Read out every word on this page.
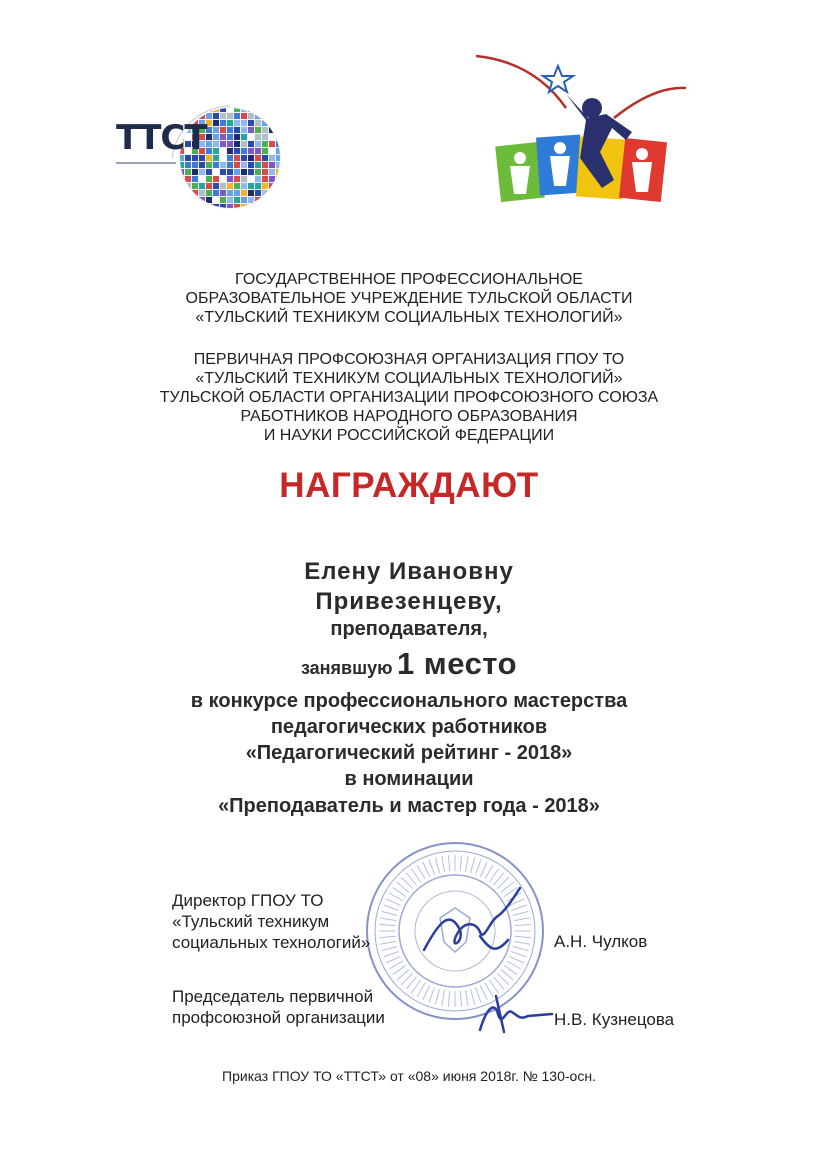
ТТСТ
ГОСУДАРСТВЕННОЕ ПРОФЕССИОНАЛЬНОЕ
ОБРАЗОВАТЕЛЬНОЕ УЧРЕЖДЕНИЕ ТУЛЬСКОЙ ОБЛАСТИ
«ТУЛЬСКИЙ ТЕХНИКУМ СОЦИАЛЬНЫХ ТЕХНОЛОГИЙ»
ПЕРВИЧНАЯ ПРОФСОЮЗНАЯ ОРГАНИЗАЦИЯ ГПОУ ТО
«ТУЛЬСКИЙ ТЕХНИКУМ СОЦИАЛЬНЫХ ТЕХНОЛОГИЙ»
ТУЛЬСКОЙ ОБЛАСТИ ОРГАНИЗАЦИИ ПРОФСОЮЗНОГО СОЮЗА
РАБОТНИКОВ НАРОДНОГО ОБРАЗОВАНИЯ
И НАУКИ РОССИЙСКОЙ ФЕДЕРАЦИИ
НАГРАЖДАЮТ
Елену Ивановну
Привезенцеву,
преподавателя,
занявшую 1 место
в конкурсе профессионального мастерства
педагогических работников
«Педагогический рейтинг - 2018»
в номинации
«Преподаватель и мастер года - 2018»
Директор ГПОУ ТО
«Тульский техникум
социальных технологий»	А.Н. Чулков
Председатель первичной
профсоюзной организации	Н.В. Кузнецова
Приказ ГПОУ ТО «ТТСТ» от «08» июня 2018г. № 130-осн.
